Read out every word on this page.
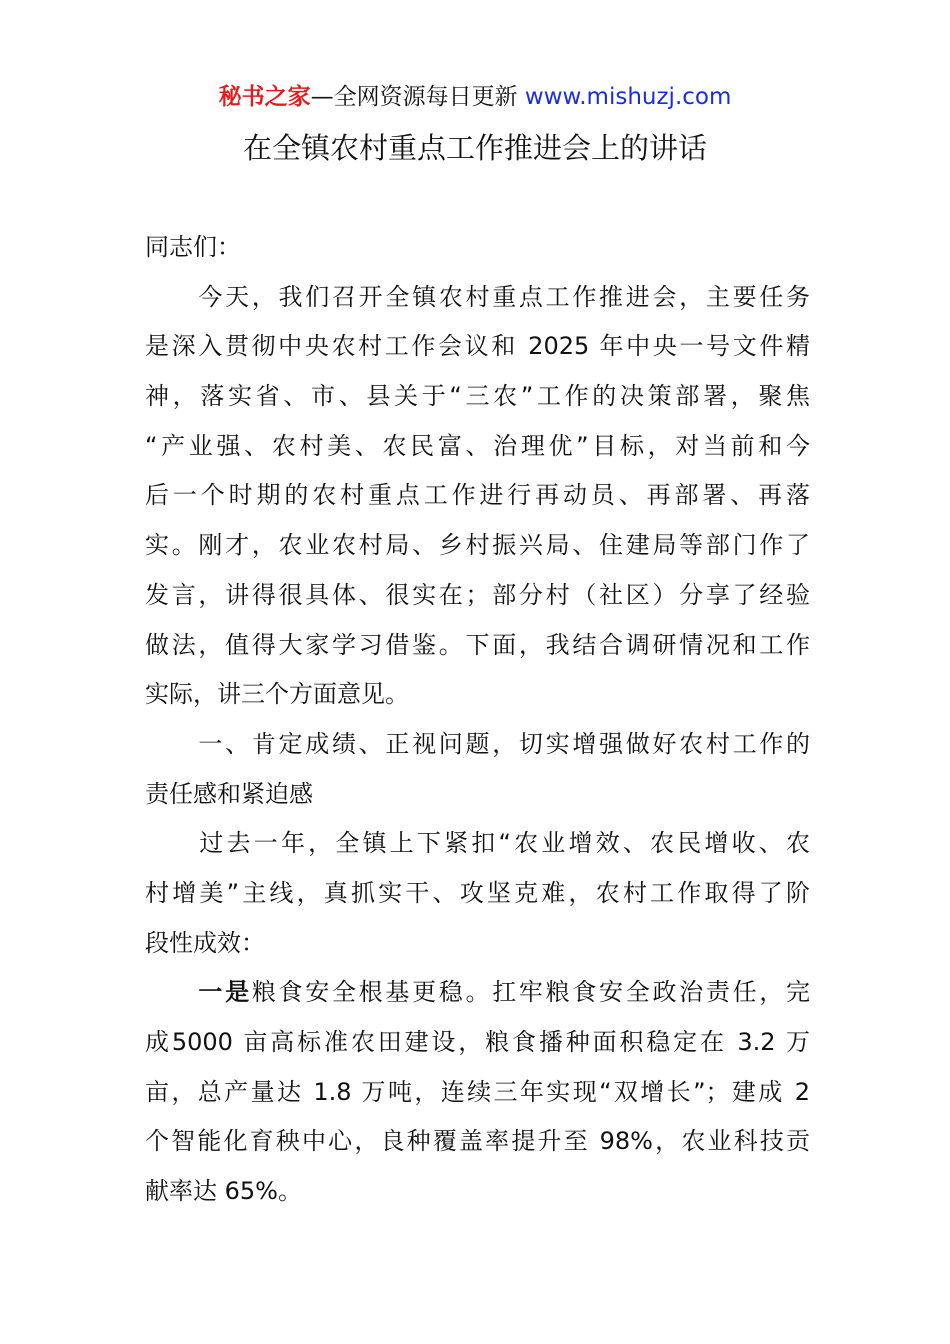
秘书之家—全网资源每日更新 www.mishuzj.com
在全镇农村重点工作推进会上的讲话
同志们：
　　今天，我们召开全镇农村重点工作推进会，主要任务
是深入贯彻中央农村工作会议和 2025 年中央一号文件精
神，落实省、市、县关于“三农”工作的决策部署，聚焦
“产业强、农村美、农民富、治理优”目标，对当前和今
后一个时期的农村重点工作进行再动员、再部署、再落
实。刚才，农业农村局、乡村振兴局、住建局等部门作了
发言，讲得很具体、很实在；部分村（社区）分享了经验
做法，值得大家学习借鉴。下面，我结合调研情况和工作
实际，讲三个方面意见。
　　一、肯定成绩、正视问题，切实增强做好农村工作的
责任感和紧迫感
　　过去一年，全镇上下紧扣“农业增效、农民增收、农
村增美”主线，真抓实干、攻坚克难，农村工作取得了阶
段性成效：
　　一是粮食安全根基更稳。扛牢粮食安全政治责任，完
成5000 亩高标准农田建设，粮食播种面积稳定在 3.2 万
亩，总产量达 1.8 万吨，连续三年实现“双增长”；建成 2
个智能化育秧中心，良种覆盖率提升至 98%，农业科技贡
献率达 65%。
